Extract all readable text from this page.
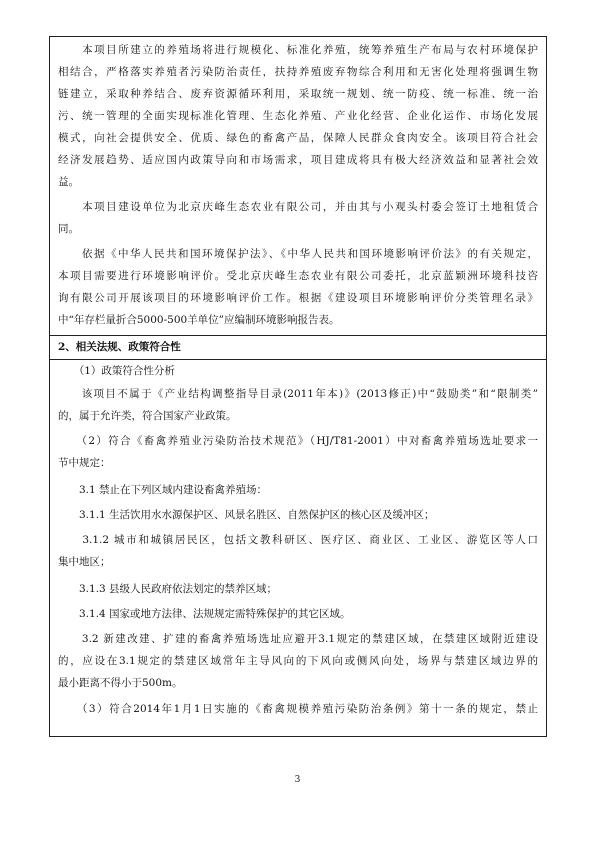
　　本项目所建立的养殖场将进行规模化、标准化养殖，统筹养殖生产布局与农村环境保护
相结合，严格落实养殖者污染防治责任，扶持养殖废弃物综合利用和无害化处理将强调生物
链建立，采取种养结合、废弃资源循环利用，采取统一规划、统一防疫、统一标准、统一治
污、统一管理的全面实现标准化管理、生态化养殖、产业化经营、企业化运作、市场化发展
模式，向社会提供安全、优质、绿色的畜禽产品，保障人民群众食肉安全。该项目符合社会
经济发展趋势、适应国内政策导向和市场需求，项目建成将具有极大经济效益和显著社会效
益。
　　本项目建设单位为北京庆峰生态农业有限公司，并由其与小观头村委会签订土地租赁合
同。
　　依据《中华人民共和国环境保护法》、《中华人民共和国环境影响评价法》的有关规定，
本项目需要进行环境影响评价。受北京庆峰生态农业有限公司委托，北京蓝颖洲环境科技咨
询有限公司开展该项目的环境影响评价工作。根据《建设项目环境影响评价分类管理名录》
中“年存栏量折合5000-500羊单位”应编制环境影响报告表。
2、相关法规、政策符合性
　　（1）政策符合性分析
　　该项目不属于《产业结构调整指导目录(2011年本)》(2013修正)中“鼓励类”和“限制类”
的，属于允许类，符合国家产业政策。
　　（2）符合《畜禽养殖业污染防治技术规范》（HJ/T81-2001）中对畜禽养殖场选址要求一
节中规定：
　　3.1 禁止在下列区域内建设畜禽养殖场：
　　3.1.1 生活饮用水水源保护区、风景名胜区、自然保护区的核心区及缓冲区；
　　3.1.2 城市和城镇居民区，包括文教科研区、医疗区、商业区、工业区、游览区等人口
集中地区；
　　3.1.3 县级人民政府依法划定的禁养区域；
　　3.1.4 国家或地方法律、法规规定需特殊保护的其它区域。
　　3.2 新建改建、扩建的畜禽养殖场选址应避开3.1规定的禁建区域，在禁建区域附近建设
的，应设在3.1规定的禁建区域常年主导风向的下风向或侧风向处，场界与禁建区域边界的
最小距离不得小于500m。
　　（3）符合2014年1月1日实施的《畜禽规模养殖污染防治条例》第十一条的规定，禁止
3
